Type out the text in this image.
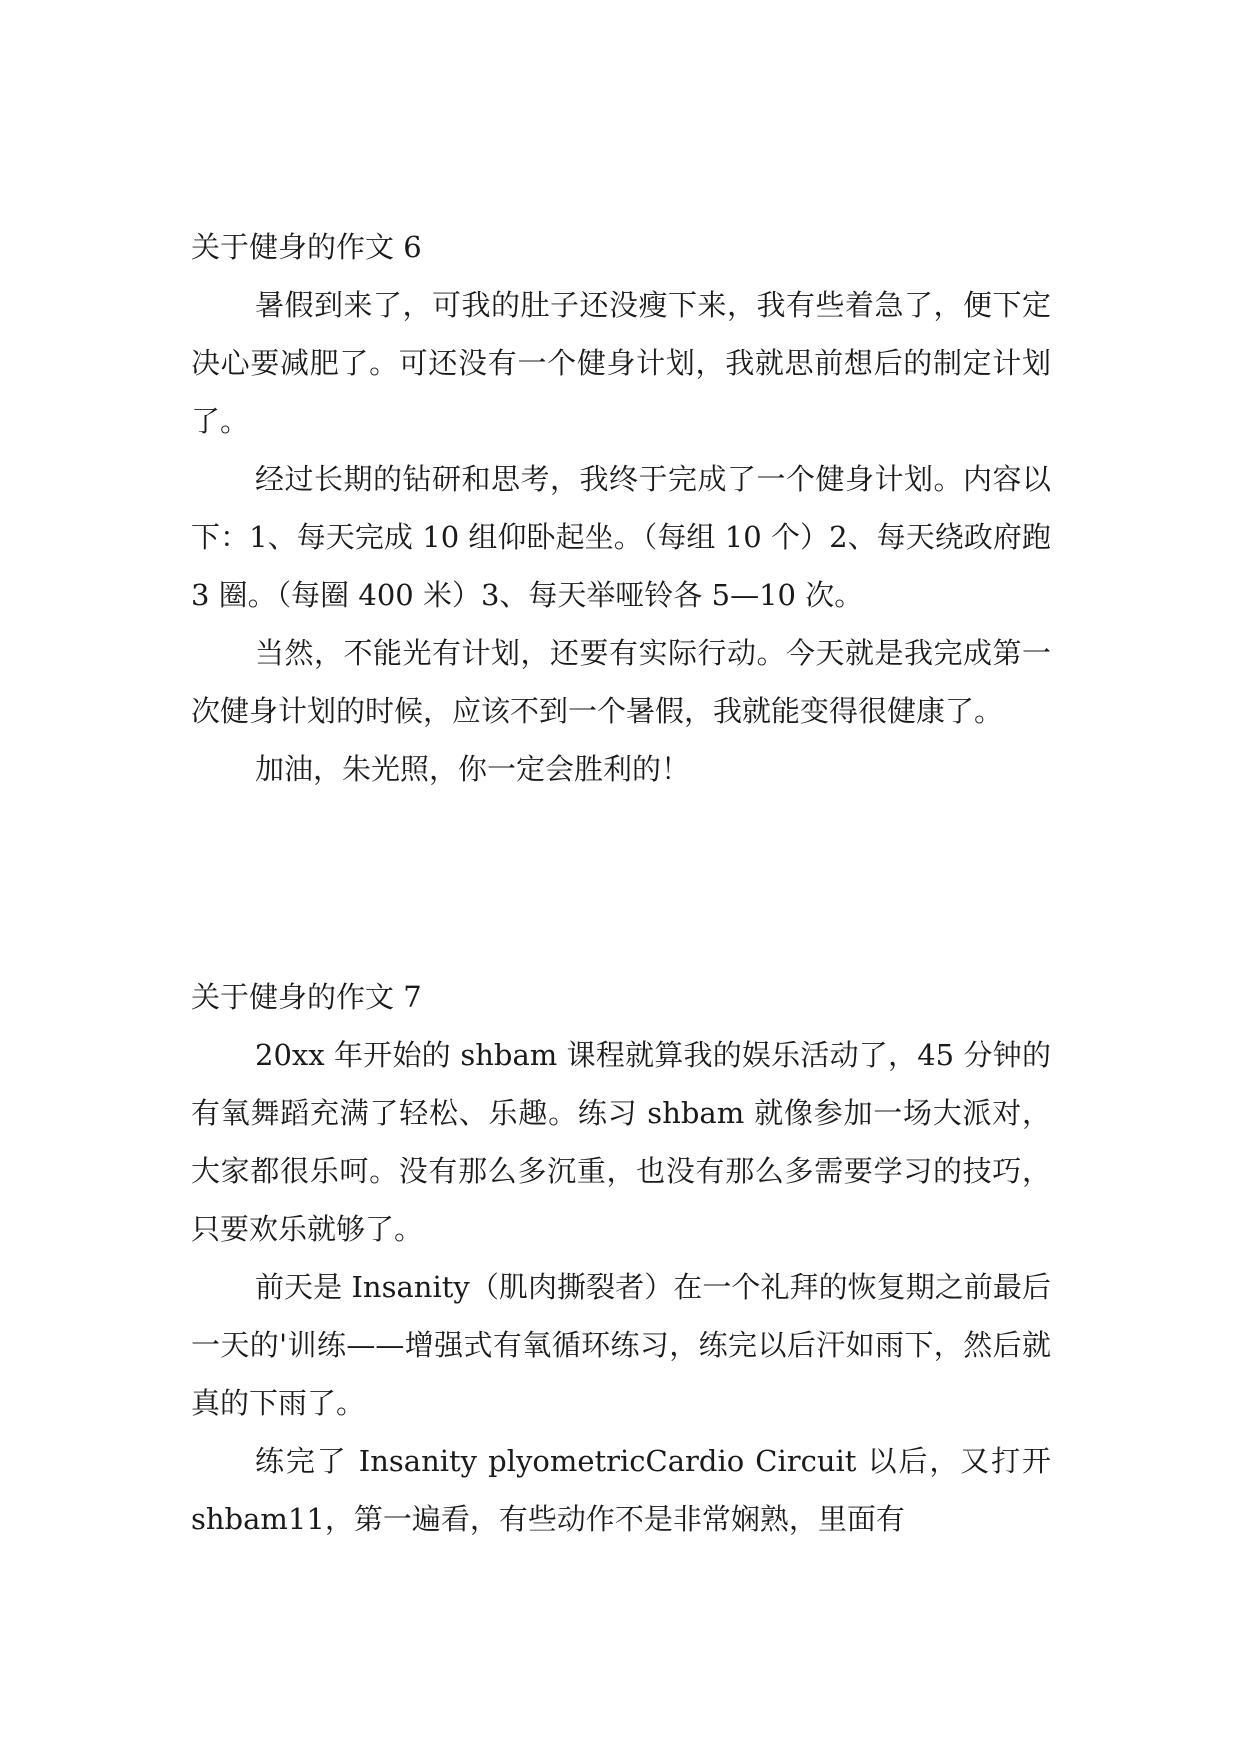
关于健身的作文 6

暑假到来了，可我的肚子还没瘦下来，我有些着急了，便下定决心要减肥了。可还没有一个健身计划，我就思前想后的制定计划了。

经过长期的钻研和思考，我终于完成了一个健身计划。内容以下：1、每天完成 10 组仰卧起坐。（每组 10 个）2、每天绕政府跑 3 圈。（每圈 400 米）3、每天举哑铃各 5—10 次。

当然，不能光有计划，还要有实际行动。今天就是我完成第一次健身计划的时候，应该不到一个暑假，我就能变得很健康了。

加油，朱光照，你一定会胜利的！

关于健身的作文 7

20xx 年开始的 shbam 课程就算我的娱乐活动了，45 分钟的有氧舞蹈充满了轻松、乐趣。练习 shbam 就像参加一场大派对，大家都很乐呵。没有那么多沉重，也没有那么多需要学习的技巧，只要欢乐就够了。

前天是 Insanity（肌肉撕裂者）在一个礼拜的恢复期之前最后一天的'训练——增强式有氧循环练习，练完以后汗如雨下，然后就真的下雨了。

练完了 Insanity plyometricCardio Circuit 以后，又打开 shbam11，第一遍看，有些动作不是非常娴熟，里面有
